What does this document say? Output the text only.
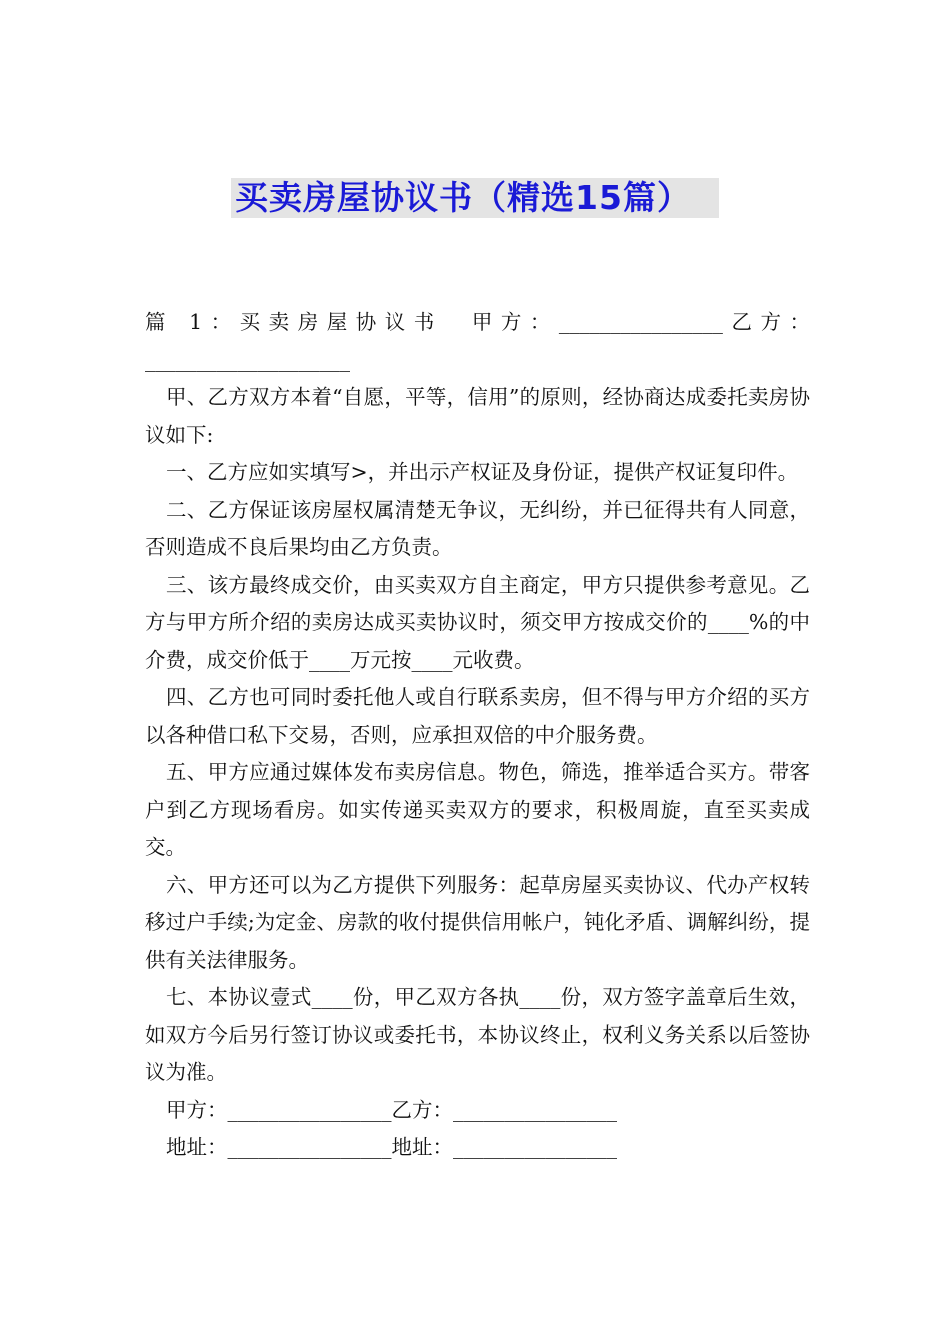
买卖房屋协议书（精选15篇）

篇 1：买卖房屋协议书　甲方：________________乙方：____________________

甲、乙方双方本着“自愿，平等，信用”的原则，经协商达成委托卖房协议如下:

一、乙方应如实填写>，并出示产权证及身份证，提供产权证复印件。

二、乙方保证该房屋权属清楚无争议，无纠纷，并已征得共有人同意，否则造成不良后果均由乙方负责。

三、该方最终成交价，由买卖双方自主商定，甲方只提供参考意见。乙方与甲方所介绍的卖房达成买卖协议时，须交甲方按成交价的____%的中介费，成交价低于____万元按____元收费。

四、乙方也可同时委托他人或自行联系卖房，但不得与甲方介绍的买方以各种借口私下交易，否则，应承担双倍的中介服务费。

五、甲方应通过媒体发布卖房信息。物色，筛选，推举适合买方。带客户到乙方现场看房。如实传递买卖双方的要求，积极周旋，直至买卖成交。

六、甲方还可以为乙方提供下列服务：起草房屋买卖协议、代办产权转移过户手续;为定金、房款的收付提供信用帐户，钝化矛盾、调解纠纷，提供有关法律服务。

七、本协议壹式____份，甲乙双方各执____份，双方签字盖章后生效，如双方今后另行签订协议或委托书，本协议终止，权利义务关系以后签协议为准。

甲方：________________乙方：________________

地址：________________地址：________________
